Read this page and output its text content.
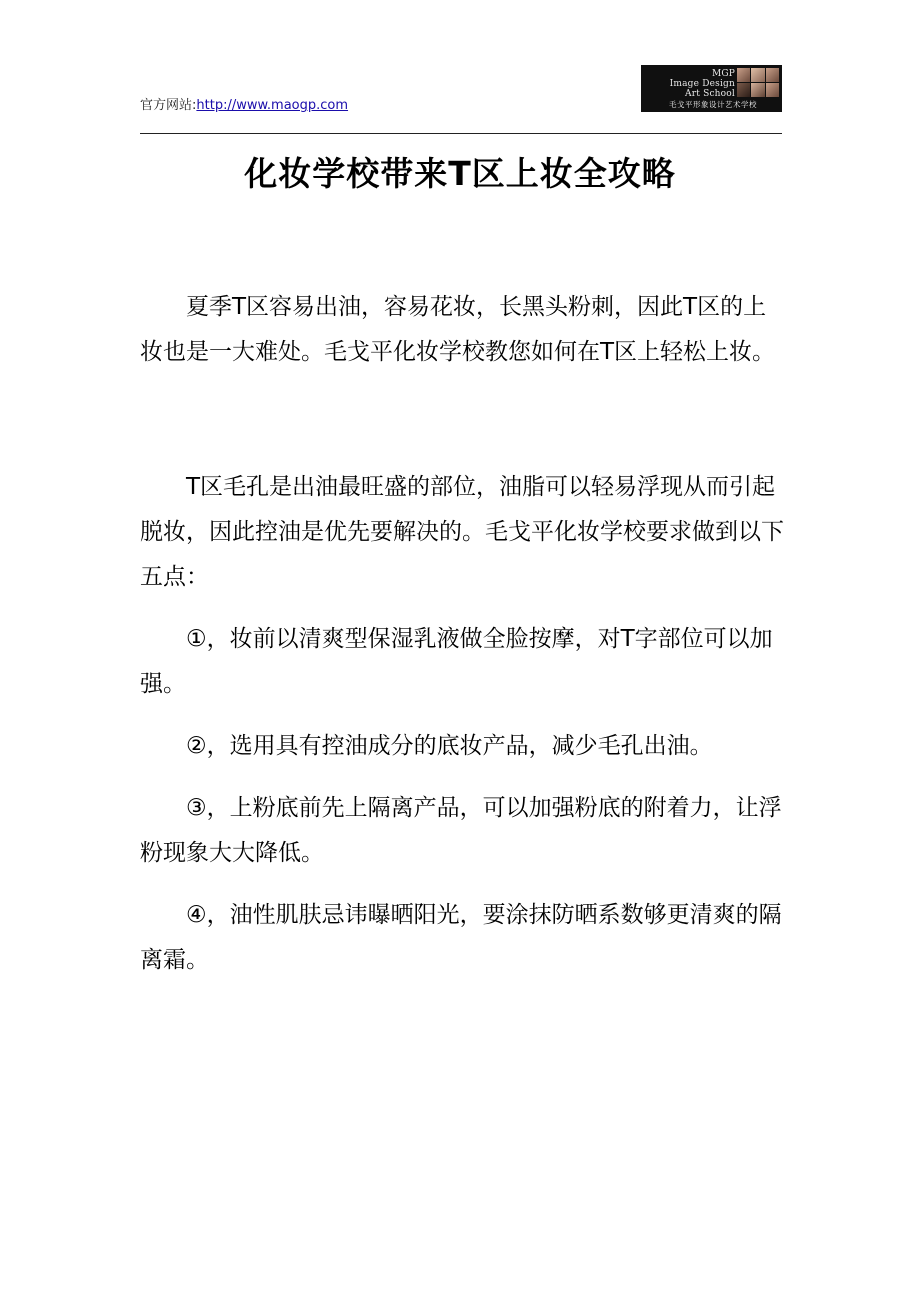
官方网站:http://www.maogp.com
MGP
Image Design
Art School
毛戈平形象设计艺术学校
化妆学校带来T区上妆全攻略

夏季T区容易出油，容易花妆，长黑头粉刺，因此T区的上妆也是一大难处。毛戈平化妆学校教您如何在T区上轻松上妆。

T区毛孔是出油最旺盛的部位，油脂可以轻易浮现从而引起脱妆，因此控油是优先要解决的。毛戈平化妆学校要求做到以下五点：

①，妆前以清爽型保湿乳液做全脸按摩，对T字部位可以加强。

②，选用具有控油成分的底妆产品，减少毛孔出油。

③，上粉底前先上隔离产品，可以加强粉底的附着力，让浮粉现象大大降低。

④，油性肌肤忌讳曝晒阳光，要涂抹防晒系数够更清爽的隔离霜。
